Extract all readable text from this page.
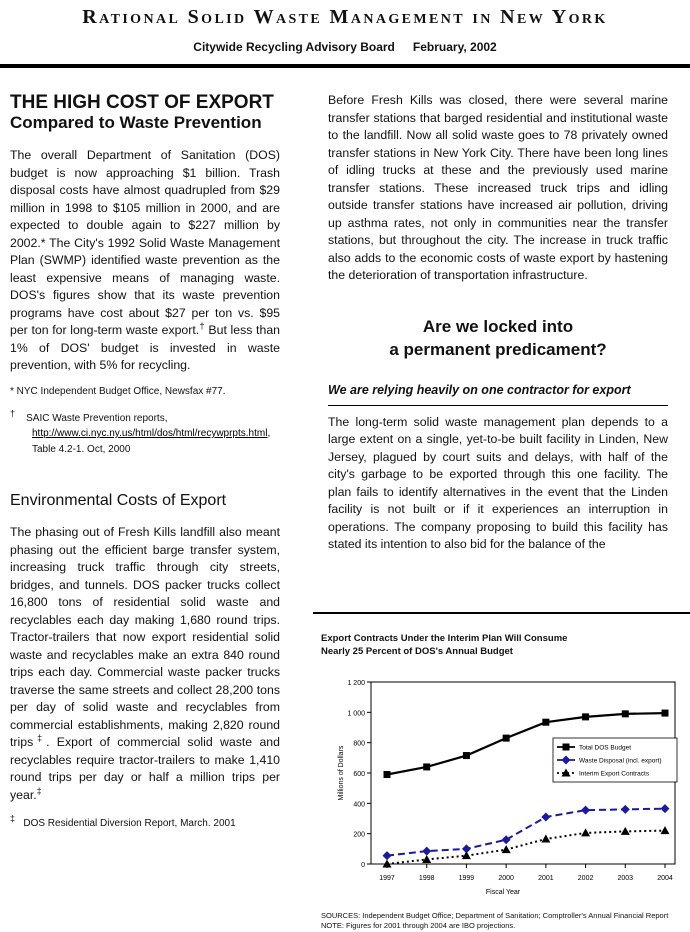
Rational Solid Waste Management in New York
Citywide Recycling Advisory Board February, 2002
THE HIGH COST OF EXPORT
Compared to Waste Prevention

The overall Department of Sanitation (DOS) budget is now approaching $1 billion. Trash disposal costs have almost quadrupled from $29 million in 1998 to $105 million in 2000, and are expected to double again to $227 million by 2002.* The City's 1992 Solid Waste Management Plan (SWMP) identified waste prevention as the least expensive means of managing waste. DOS's figures show that its waste prevention programs have cost about $27 per ton vs. $95 per ton for long-term waste export.† But less than 1% of DOS' budget is invested in waste prevention, with 5% for recycling.

* NYC Independent Budget Office, Newsfax #77.
† SAIC Waste Prevention reports, http://www.ci.nyc.ny.us/html/dos/html/recywprpts.html, Table 4.2-1. Oct, 2000
Environmental Costs of Export

The phasing out of Fresh Kills landfill also meant phasing out the efficient barge transfer system, increasing truck traffic through city streets, bridges, and tunnels. DOS packer trucks collect 16,800 tons of residential solid waste and recyclables each day making 1,680 round trips. Tractor-trailers that now export residential solid waste and recyclables make an extra 840 round trips each day. Commercial waste packer trucks traverse the same streets and collect 28,200 tons per day of solid waste and recyclables from commercial establishments, making 2,820 round trips‡. Export of commercial solid waste and recyclables require tractor-trailers to make 1,410 round trips per day or half a million trips per year.‡

‡ DOS Residential Diversion Report, March. 2001

Before Fresh Kills was closed, there were several marine transfer stations that barged residential and institutional waste to the landfill. Now all solid waste goes to 78 privately owned transfer stations in New York City. There have been long lines of idling trucks at these and the previously used marine transfer stations. These increased truck trips and idling outside transfer stations have increased air pollution, driving up asthma rates, not only in communities near the transfer stations, but throughout the city. The increase in truck traffic also adds to the economic costs of waste export by hastening the deterioration of transportation infrastructure.

Are we locked into
a permanent predicament?
We are relying heavily on one contractor for export

The long-term solid waste management plan depends to a large extent on a single, yet-to-be built facility in Linden, New Jersey, plagued by court suits and delays, with half of the city's garbage to be exported through this one facility. The plan fails to identify alternatives in the event that the Linden facility is not built or if it experiences an interruption in operations. The company proposing to build this facility has stated its intention to also bid for the balance of the

Export Contracts Under the Interim Plan Will Consume
Nearly 25 Percent of DOS's Annual Budget
0
200
400
600
800
1 000
1 200
1997	1998	1999	2000	2001	2002	2003	2004
Fiscal Year
Millions of Dollars	Total DOS Budget
Waste Disposal (incl. export)
Interim Export Contracts
SOURCES: Independent Budget Office; Department of Sanitation; Comptroller's Annual Financial Report
NOTE: Figures for 2001 through 2004 are IBO projections.
